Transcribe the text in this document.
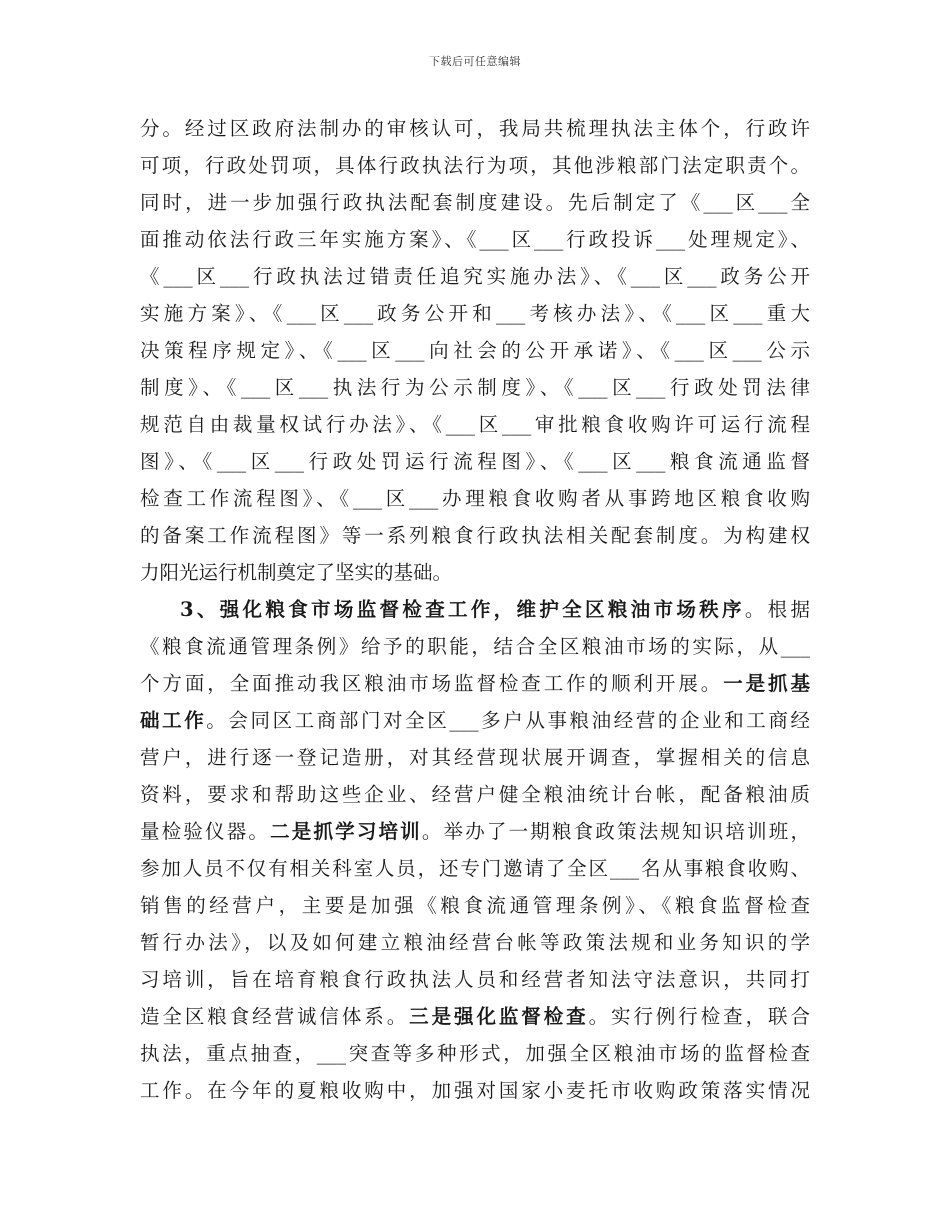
下载后可任意编辑
分。经过区政府法制办的审核认可，我局共梳理执法主体个，行政许
可项，行政处罚项，具体行政执法行为项，其他涉粮部门法定职责个。
同时，进一步加强行政执法配套制度建设。先后制定了《___区___全
面推动依法行政三年实施方案》、《___区___行政投诉___处理规定》、
《___区___行政执法过错责任追究实施办法》、《___区___政务公开
实施方案》、《___区___政务公开和___考核办法》、《___区___重大
决策程序规定》、《___区___向社会的公开承诺》、《___区___公示
制度》、《___区___执法行为公示制度》、《___区___行政处罚法律
规范自由裁量权试行办法》、《___区___审批粮食收购许可运行流程
图》、《___区___行政处罚运行流程图》、《___区___粮食流通监督
检查工作流程图》、《___区___办理粮食收购者从事跨地区粮食收购
的备案工作流程图》等一系列粮食行政执法相关配套制度。为构建权
力阳光运行机制奠定了坚实的基础。
3、强化粮食市场监督检查工作，维护全区粮油市场秩序。根据
《粮食流通管理条例》给予的职能，结合全区粮油市场的实际，从___
个方面，全面推动我区粮油市场监督检查工作的顺利开展。一是抓基
础工作。会同区工商部门对全区___多户从事粮油经营的企业和工商经
营户，进行逐一登记造册，对其经营现状展开调查，掌握相关的信息
资料，要求和帮助这些企业、经营户健全粮油统计台帐，配备粮油质
量检验仪器。二是抓学习培训。举办了一期粮食政策法规知识培训班，
参加人员不仅有相关科室人员，还专门邀请了全区___名从事粮食收购、
销售的经营户，主要是加强《粮食流通管理条例》、《粮食监督检查
暂行办法》，以及如何建立粮油经营台帐等政策法规和业务知识的学
习培训，旨在培育粮食行政执法人员和经营者知法守法意识，共同打
造全区粮食经营诚信体系。三是强化监督检查。实行例行检查，联合
执法，重点抽查，___突查等多种形式，加强全区粮油市场的监督检查
工作。在今年的夏粮收购中，加强对国家小麦托市收购政策落实情况
